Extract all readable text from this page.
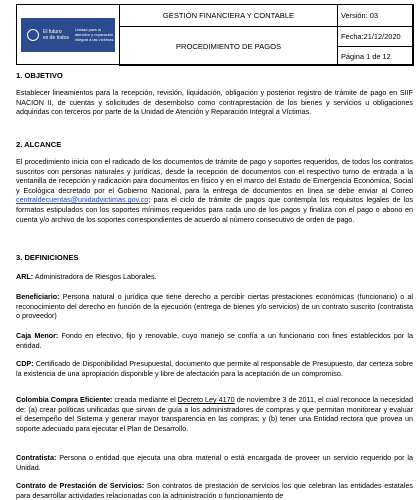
El futuro
es de todos
Unidad para la atención y reparación integral a las víctimas
GESTIÓN FINANCIERA Y CONTABLE
PROCEDIMIENTO DE PAGOS
Versión: 03
Fecha:21/12/2020
Página 1 de 12
1. OBJETIVO
Establecer lineamientos para la recepción, revisión, liquidación, obligación y posterior registro de trámite de pago en SIIF NACION II, de cuentas y solicitudes de desembolso como contraprestación de los bienes y servicios u obligaciones adquiridas con terceros por parte de la Unidad de Atención y Reparación Integral a Víctimas.
2. ALCANCE
El procedimiento inicia con el radicado de los documentos de trámite de pago y soportes requeridos, de todos los contratos suscritos con personas naturales y jurídicas, desde la recepción de documentos con el respectivo turno de entrada a la ventanilla de recepción y radicación para documentos en físico y en el marco del Estado de Emergencia Económica, Social y Ecológica decretado por el Gobierno Nacional, para la entrega de documentos en línea se debe enviar al Correo centraldecuentas@unidadvictimas.gov.co; para el ciclo de trámite de pagos que contempla los requisitos legales de los formatos estipulados con los soportes mínimos requeridos para cada uno de los pagos y finaliza con el pago o abono en cuenta y/o archivo de los soportes correspondientes de acuerdo al número consecutivo de orden de pago.
3. DEFINICIONES
ARL: Administradora de Riesgos Laborales.
Beneficiario: Persona natural o jurídica que tiene derecho a percibir ciertas prestaciones económicas (funcionario) o al reconocimiento del derecho en función de la ejecución (entrega de bienes y/o servicios) de un contrato suscrito (contratista o proveedor)
Caja Menor: Fondo en efectivo, fijo y renovable, cuyo manejo se confía a un funcionario con fines establecidos por la entidad.
CDP: Certificado de Disponibilidad Presupuestal, documento que permite al responsable de Presupuesto, dar certeza sobre la existencia de una apropiación disponible y libre de afectación para la aceptación de un compromiso.
Colombia Compra Eficiente: creada mediante el Decreto Ley 4170 de noviembre 3 de 2011, el cual reconoce la necesidad de: (a) crear políticas unificadas que sirvan de guía a los administradores de compras y que permitan monitorear y evaluar el desempeño del Sistema y generar mayor transparencia en las compras; y (b) tener una Entidad rectora que provea un soporte adecuado para ejecutar el Plan de Desarrollo.
Contratista: Persona o entidad que ejecuta una obra material o está encargada de proveer un servicio requerido por la Unidad.
Contrato de Prestación de Servicios: Son contratos de prestación de servicios los que celebran las entidades estatales para desarrollar actividades relacionadas con la administración o funcionamiento de
